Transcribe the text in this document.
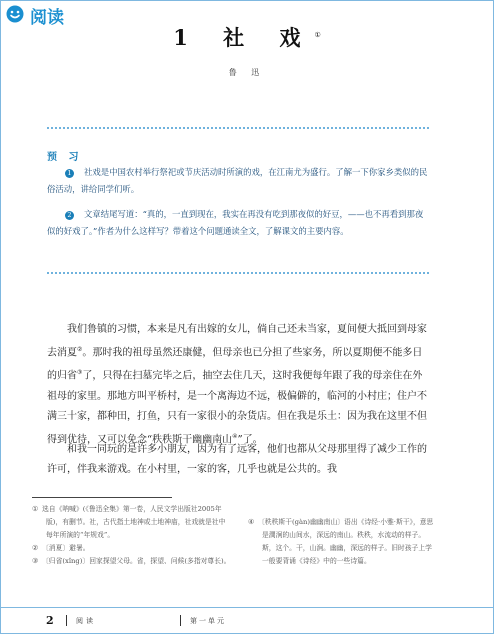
阅读
1 社 戏①
鲁 迅
预 习
1 社戏是中国农村举行祭祀或节庆活动时所演的戏，在江南尤为盛行。了解一下你家乡类似的民俗活动，讲给同学们听。
2 文章结尾写道：“真的，一直到现在，我实在再没有吃到那夜似的好豆，——也不再看到那夜似的好戏了。”作者为什么这样写？带着这个问题通读全文，了解课文的主要内容。
我们鲁镇的习惯，本来是凡有出嫁的女儿，倘自己还未当家，夏间便大抵回到母家去消夏②。那时我的祖母虽然还康健，但母亲也已分担了些家务，所以夏期便不能多日的归省③了，只得在扫墓完毕之后，抽空去住几天，这时我便每年跟了我的母亲住在外祖母的家里。那地方叫平桥村，是一个离海边不远，极偏僻的，临河的小村庄；住户不满三十家，都种田，打鱼，只有一家很小的杂货店。但在我是乐土：因为我在这里不但得到优待，又可以免念“秩秩斯干幽幽南山④”了。
和我一同玩的是许多小朋友，因为有了远客，他们也都从父母那里得了减少工作的许可，伴我来游戏。在小村里，一家的客，几乎也就是公共的。我

① 选自《呐喊》(《鲁迅全集》第一卷，人民文学出版社2005年版)，有删节。社，古代指土地神或土地神庙，社戏就是社中每年所演的“年规戏”。

② 〔消夏〕避暑。

③ 〔归省(xǐng)〕回家探望父母。省，探望、问候(多指对尊长)。

④ 〔秩秩斯干(gàn)幽幽南山〕语出《诗经·小雅·斯干》，意思是澗涧的山间水，深远的南山。秩秩，水流动的样子。斯，这个。干，山涧。幽幽，深远的样子。旧时孩子上学一般要背诵《诗经》中的一些诗篇。

2	阅读	第一单元
